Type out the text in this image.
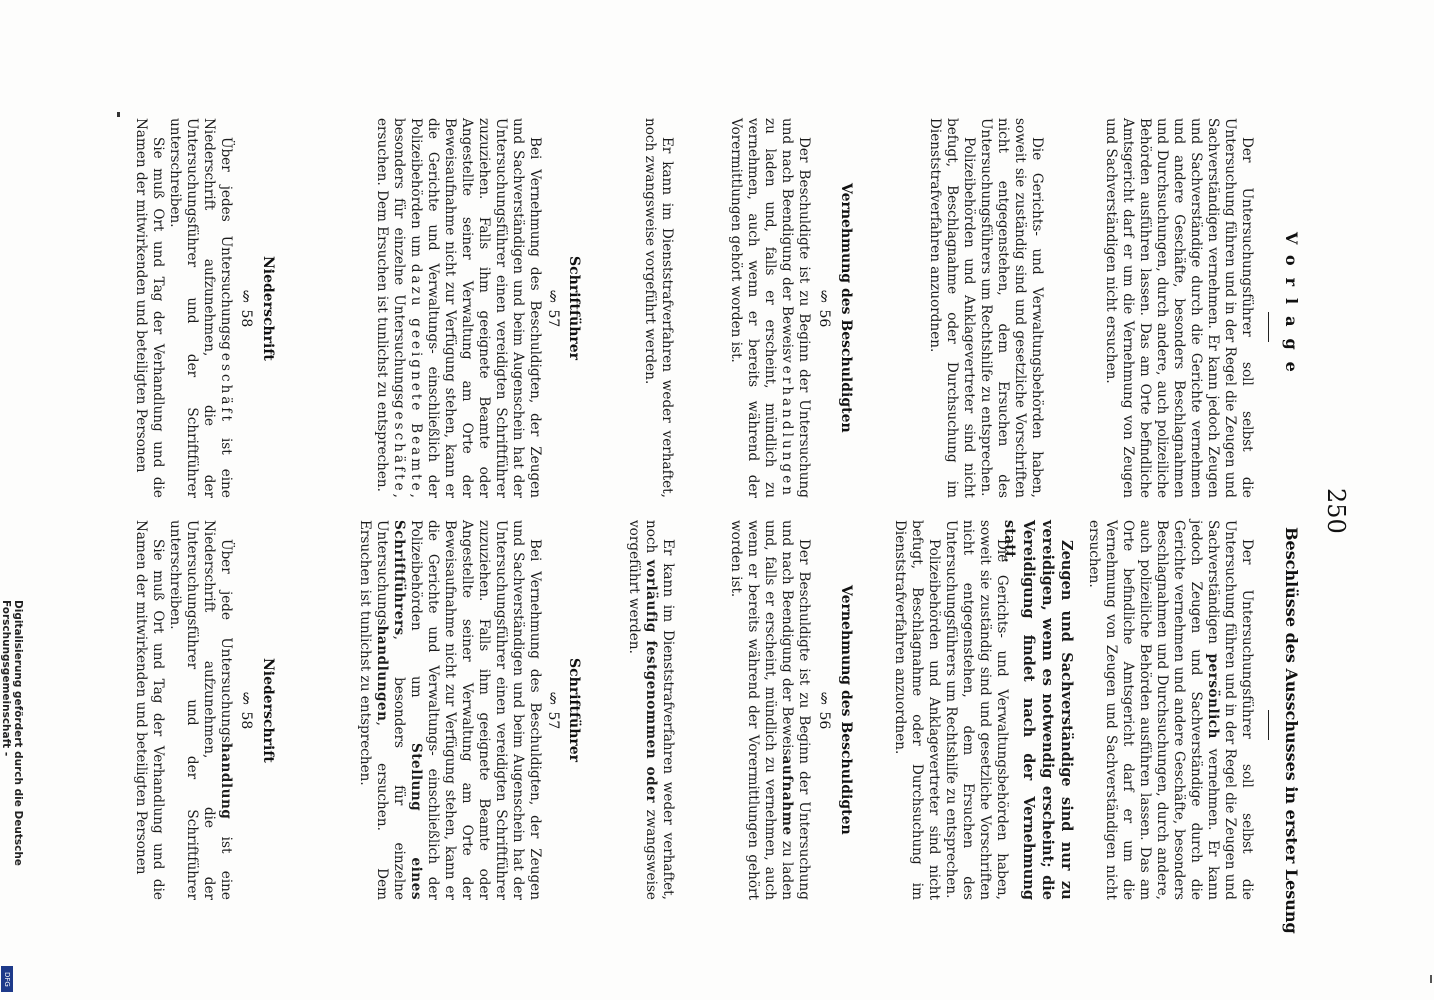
250
Vorlage
Beschlüsse des Ausschusses in erster Lesung

Der Untersuchungsführer soll selbst die Untersuchung führen und in der Regel die Zeugen und Sachverständigen vernehmen. Er kann jedoch Zeugen und Sachverständige durch die Gerichte vernehmen und andere Geschäfte, besonders Beschlagnahmen und Durchsuchungen, durch andere, auch polizeiliche Behörden ausführen lassen. Das am Orte befindliche Amtsgericht darf er um die Vernehmung von Zeugen und Sachverständigen nicht ersuchen.

Die Gerichts- und Verwaltungsbehörden haben, soweit sie zuständig sind und gesetzliche Vorschriften nicht entgegenstehen, dem Ersuchen des Untersuchungsführers um Rechtshilfe zu entsprechen.

Polizeibehörden und Anklagevertreter sind nicht befugt, Beschlagnahme oder Durchsuchung im Dienststrafverfahren anzuordnen.

Vernehmung des Beschuldigten
§ 56

Der Beschuldigte ist zu Beginn der Untersuchung und nach Beendigung der Beweisverhandlungen zu laden und, falls er erscheint, mündlich zu vernehmen, auch wenn er bereits während der Vorermittlungen gehört worden ist.

Er kann im Dienststrafverfahren weder verhaftet, noch zwangsweise vorgeführt werden.

Schriftführer
§ 57

Bei Vernehmung des Beschuldigten, der Zeugen und Sachverständigen und beim Augenschein hat der Untersuchungsführer einen vereidigten Schriftführer zuzuziehen. Falls ihm geeignete Beamte oder Angestellte seiner Verwaltung am Orte der Beweisaufnahme nicht zur Verfügung stehen, kann er die Gerichte und Verwaltungs- einschließlich der Polizeibehörden um dazu geeignete Beamte, besonders für einzelne Untersuchungsgeschäfte, ersuchen. Dem Ersuchen ist tunlichst zu entsprechen.

Niederschrift
§ 58

Über jedes Untersuchungsgeschäft ist eine Niederschrift aufzunehmen, die der Untersuchungsführer und der Schriftführer unterschreiben.

Sie muß Ort und Tag der Verhandlung und die Namen der mitwirkenden und beteiligten Personen

Der Untersuchungsführer soll selbst die Untersuchung führen und in der Regel die Zeugen und Sachverständigen persönlich vernehmen. Er kann jedoch Zeugen und Sachverständige durch die Gerichte vernehmen und andere Geschäfte, besonders Beschlagnahmen und Durchsuchungen, durch andere, auch polizeiliche Behörden ausführen lassen. Das am Orte befindliche Amtsgericht darf er um die Vernehmung von Zeugen und Sachverständigen nicht ersuchen.

Zeugen und Sachverständige sind nur zu vereidigen, wenn es notwendig erscheint; die Vereidigung findet nach der Vernehmung statt.

Die Gerichts- und Verwaltungsbehörden haben, soweit sie zuständig sind und gesetzliche Vorschriften nicht entgegenstehen, dem Ersuchen des Untersuchungsführers um Rechtshilfe zu entsprechen.

Polizeibehörden und Anklagevertreter sind nicht befugt, Beschlagnahme oder Durchsuchung im Dienststrafverfahren anzuordnen.

Vernehmung des Beschuldigten
§ 56

Der Beschuldigte ist zu Beginn der Untersuchung und nach Beendigung der Beweisaufnahme zu laden und, falls er erscheint, mündlich zu vernehmen, auch wenn er bereits während der Vorermittlungen gehört worden ist.

Er kann im Dienststrafverfahren weder verhaftet, noch vorläufig festgenommen oder zwangsweise vorgeführt werden.

Schriftführer
§ 57

Bei Vernehmung des Beschuldigten, der Zeugen und Sachverständigen und beim Augenschein hat der Untersuchungsführer einen vereidigten Schriftführer zuzuziehen. Falls ihm geeignete Beamte oder Angestellte seiner Verwaltung am Orte der Beweisaufnahme nicht zur Verfügung stehen, kann er die Gerichte und Verwaltungs- einschließlich der Polizeibehörden um Stellung eines Schriftführers, besonders für einzelne Untersuchungshandlungen, ersuchen. Dem Ersuchen ist tunlichst zu entsprechen.

Niederschrift
§ 58

Über jede Untersuchungshandlung ist eine Niederschrift aufzunehmen, die der Untersuchungsführer und der Schriftführer unterschreiben.

Sie muß Ort und Tag der Verhandlung und die Namen der mitwirkenden und beteiligten Personen

Digitalisierung gefördert durch die Deutsche Forschungsgemeinschaft -
DFG
